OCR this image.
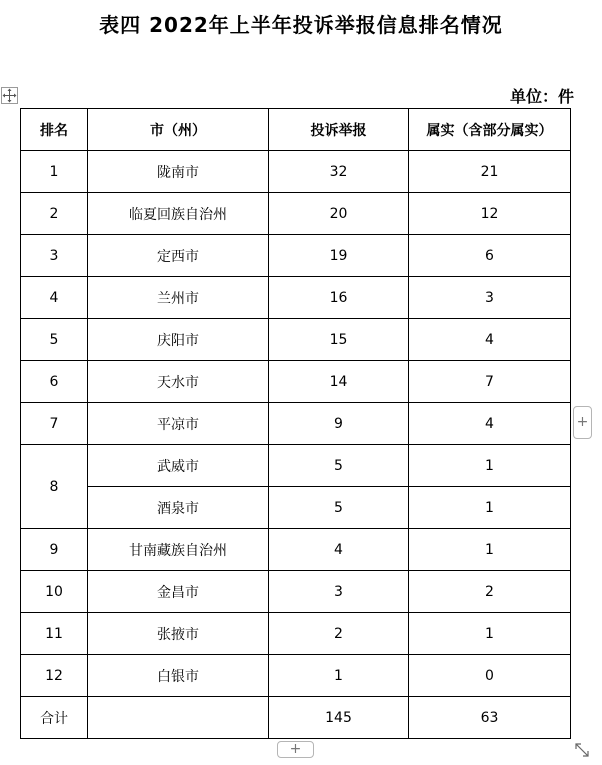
表四 2022年上半年投诉举报信息排名情况
单位：件
排名	市（州）	投诉举报	属实（含部分属实）
1	陇南市	32	21
2	临夏回族自治州	20	12
3	定西市	19	6
4	兰州市	16	3
5	庆阳市	15	4
6	天水市	14	7
7	平凉市	9	4
8	武威市	5	1
	酒泉市	5	1
9	甘南藏族自治州	4	1
10	金昌市	3	2
11	张掖市	2	1
12	白银市	1	0
合计		145	63
+
+
